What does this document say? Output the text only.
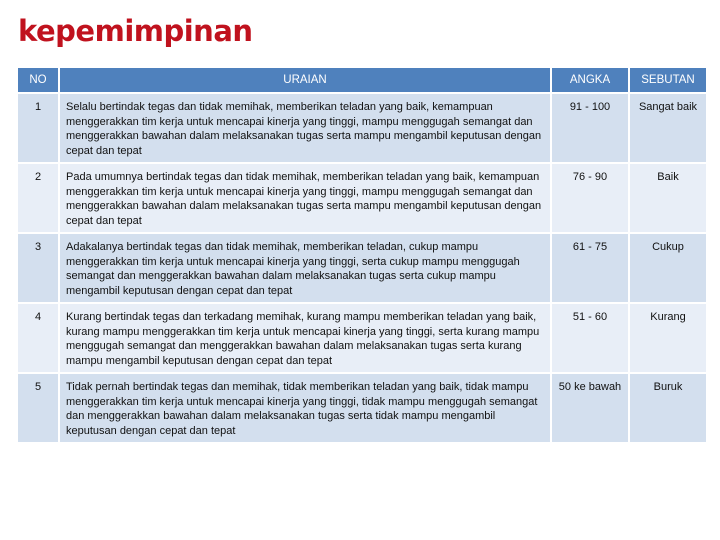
kepemimpinan
NO	URAIAN	ANGKA	SEBUTAN
1	Selalu bertindak tegas dan tidak memihak, memberikan teladan yang baik, kemampuan menggerakkan tim kerja untuk mencapai kinerja yang tinggi, mampu menggugah semangat dan menggerakkan bawahan dalam melaksanakan tugas serta mampu mengambil keputusan dengan cepat dan tepat	91 - 100	Sangat baik
2	Pada umumnya bertindak tegas dan tidak memihak, memberikan teladan yang baik, kemampuan menggerakkan tim kerja untuk mencapai kinerja yang tinggi, mampu menggugah semangat dan menggerakkan bawahan dalam melaksanakan tugas serta mampu mengambil keputusan dengan cepat dan tepat	76 - 90	Baik
3	Adakalanya bertindak tegas dan tidak memihak, memberikan teladan, cukup mampu menggerakkan tim kerja untuk mencapai kinerja yang tinggi, serta cukup mampu menggugah semangat dan menggerakkan bawahan dalam melaksanakan tugas serta cukup mampu mengambil keputusan dengan cepat dan tepat	61 - 75	Cukup
4	Kurang bertindak tegas dan terkadang memihak, kurang mampu memberikan teladan yang baik, kurang mampu menggerakkan tim kerja untuk mencapai kinerja yang tinggi, serta kurang mampu menggugah semangat dan menggerakkan bawahan dalam melaksanakan tugas serta kurang mampu mengambil keputusan dengan cepat dan tepat	51 - 60	Kurang
5	Tidak pernah bertindak tegas dan memihak, tidak memberikan teladan yang baik, tidak mampu menggerakkan tim kerja untuk mencapai kinerja yang tinggi, tidak mampu menggugah semangat dan menggerakkan bawahan dalam melaksanakan tugas serta tidak mampu mengambil keputusan dengan cepat dan tepat	50 ke bawah	Buruk
